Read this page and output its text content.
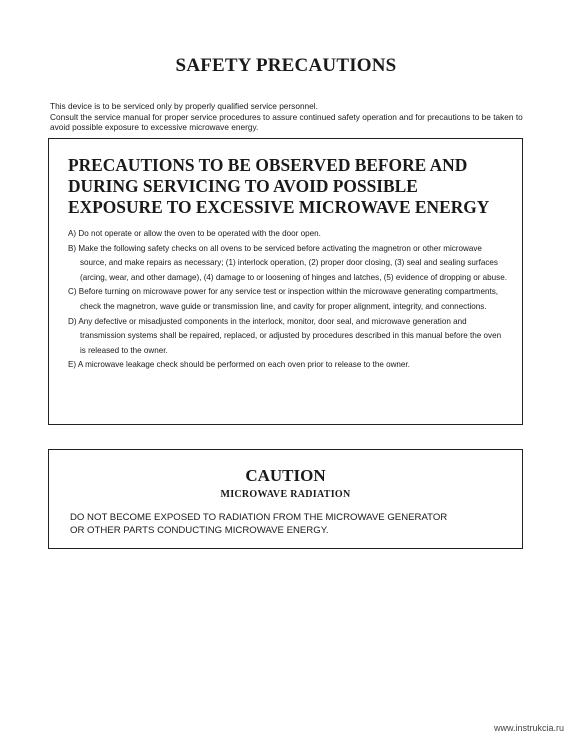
SAFETY PRECAUTIONS

This device is to be serviced only by properly qualified service personnel.

Consult the service manual for proper service procedures to assure continued safety operation and for precautions to be taken to avoid possible exposure to excessive microwave energy.

PRECAUTIONS TO BE OBSERVED BEFORE AND
DURING SERVICING TO AVOID POSSIBLE
EXPOSURE TO EXCESSIVE MICROWAVE ENERGY
A) Do not operate or allow the oven to be operated with the door open.
B) Make the following safety checks on all ovens to be serviced before activating the magnetron or other microwave source, and make repairs as necessary; (1) interlock operation, (2) proper door closing, (3) seal and sealing surfaces (arcing, wear, and other damage), (4) damage to or loosening of hinges and latches, (5) evidence of dropping or abuse.
C) Before turning on microwave power for any service test or inspection within the microwave generating compartments, check the magnetron, wave guide or transmission line, and cavity for proper alignment, integrity, and connections.
D) Any defective or misadjusted components in the interlock, monitor, door seal, and microwave generation and transmission systems shall be repaired, replaced, or adjusted by procedures described in this manual before the oven is released to the owner.
E) A microwave leakage check should be performed on each oven prior to release to the owner.
CAUTION
MICROWAVE RADIATION

DO NOT BECOME EXPOSED TO RADIATION FROM THE MICROWAVE GENERATOR
OR OTHER PARTS CONDUCTING MICROWAVE ENERGY.

www.instrukcia.ru
